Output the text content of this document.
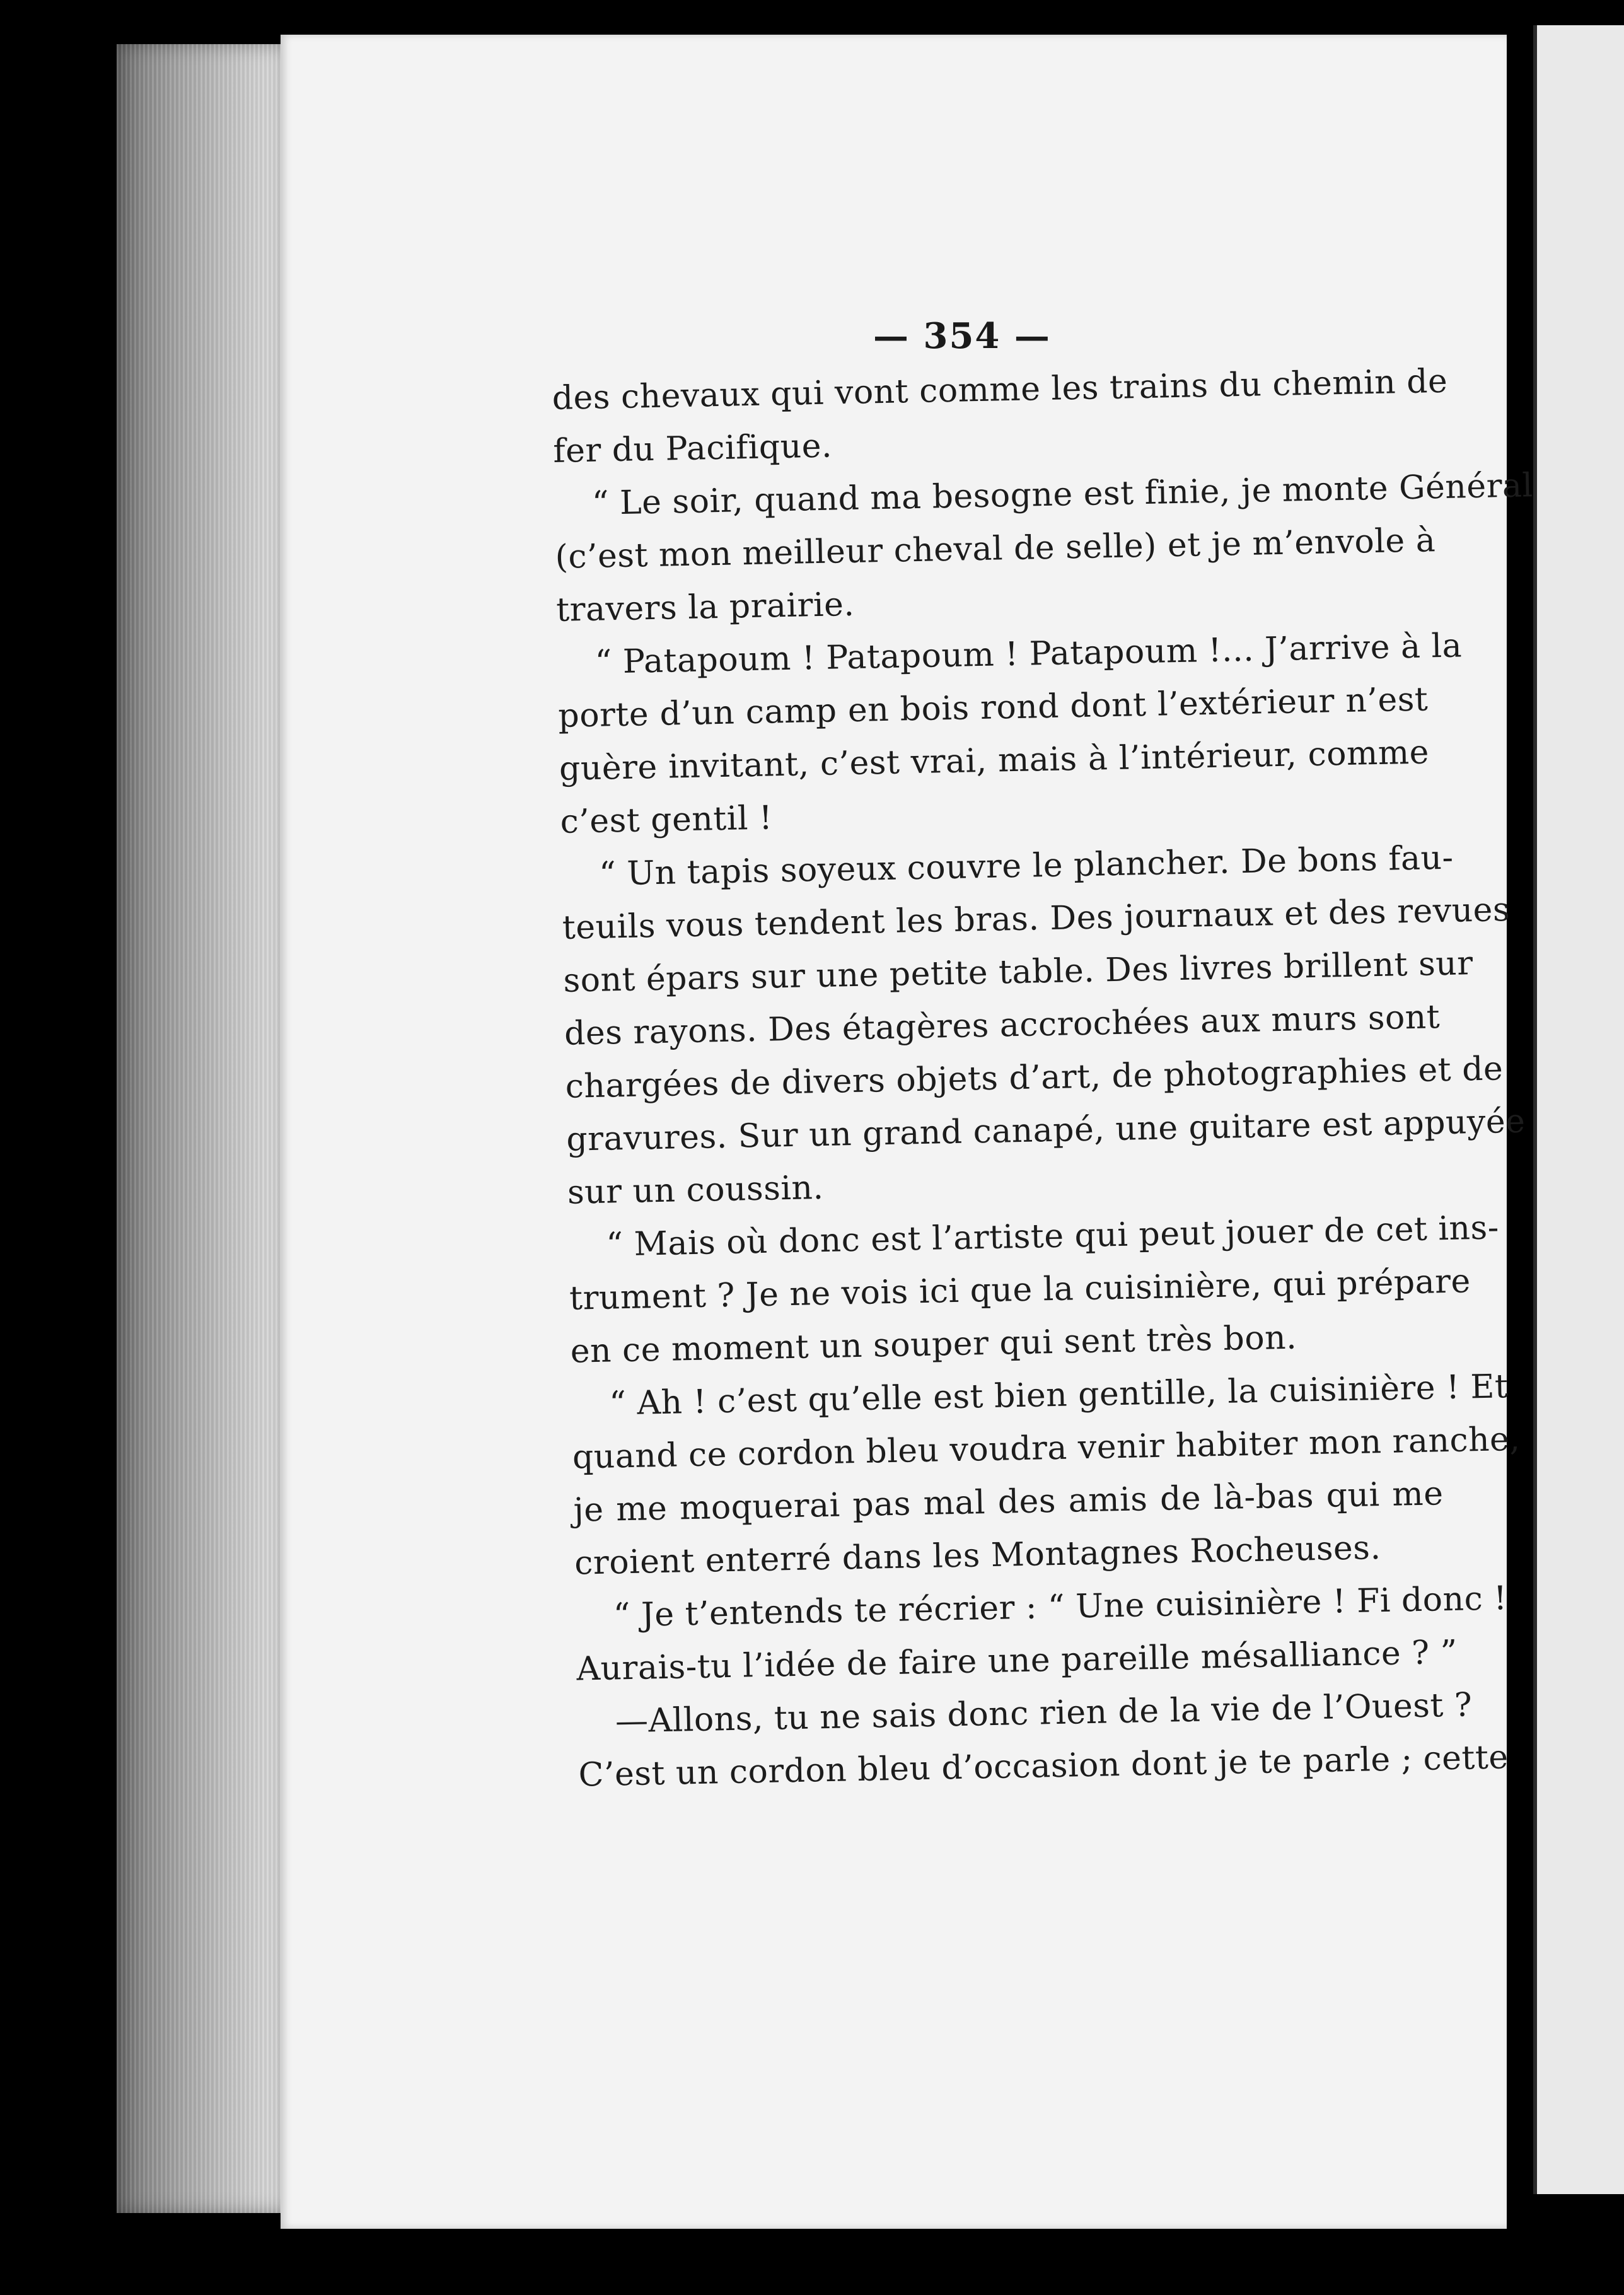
— 354 —
des chevaux qui vont comme les trains du chemin de
fer du Pacifique.
“ Le soir, quand ma besogne est finie, je monte Général
(c’est mon meilleur cheval de selle) et je m’envole à
travers la prairie.
“ Patapoum ! Patapoum ! Patapoum !... J’arrive à la
porte d’un camp en bois rond dont l’extérieur n’est
guère invitant, c’est vrai, mais à l’intérieur, comme
c’est gentil !
“ Un tapis soyeux couvre le plancher. De bons fau-
teuils vous tendent les bras. Des journaux et des revues
sont épars sur une petite table. Des livres brillent sur
des rayons. Des étagères accrochées aux murs sont
chargées de divers objets d’art, de photographies et de
gravures. Sur un grand canapé, une guitare est appuyée
sur un coussin.
“ Mais où donc est l’artiste qui peut jouer de cet ins-
trument ? Je ne vois ici que la cuisinière, qui prépare
en ce moment un souper qui sent très bon.
“ Ah ! c’est qu’elle est bien gentille, la cuisinière ! Et
quand ce cordon bleu voudra venir habiter mon ranche,
je me moquerai pas mal des amis de là-bas qui me
croient enterré dans les Montagnes Rocheuses.
“ Je t’entends te récrier : “ Une cuisinière ! Fi donc !
Aurais-tu l’idée de faire une pareille mésalliance ? ”
—Allons, tu ne sais donc rien de la vie de l’Ouest ?
C’est un cordon bleu d’occasion dont je te parle ; cette
